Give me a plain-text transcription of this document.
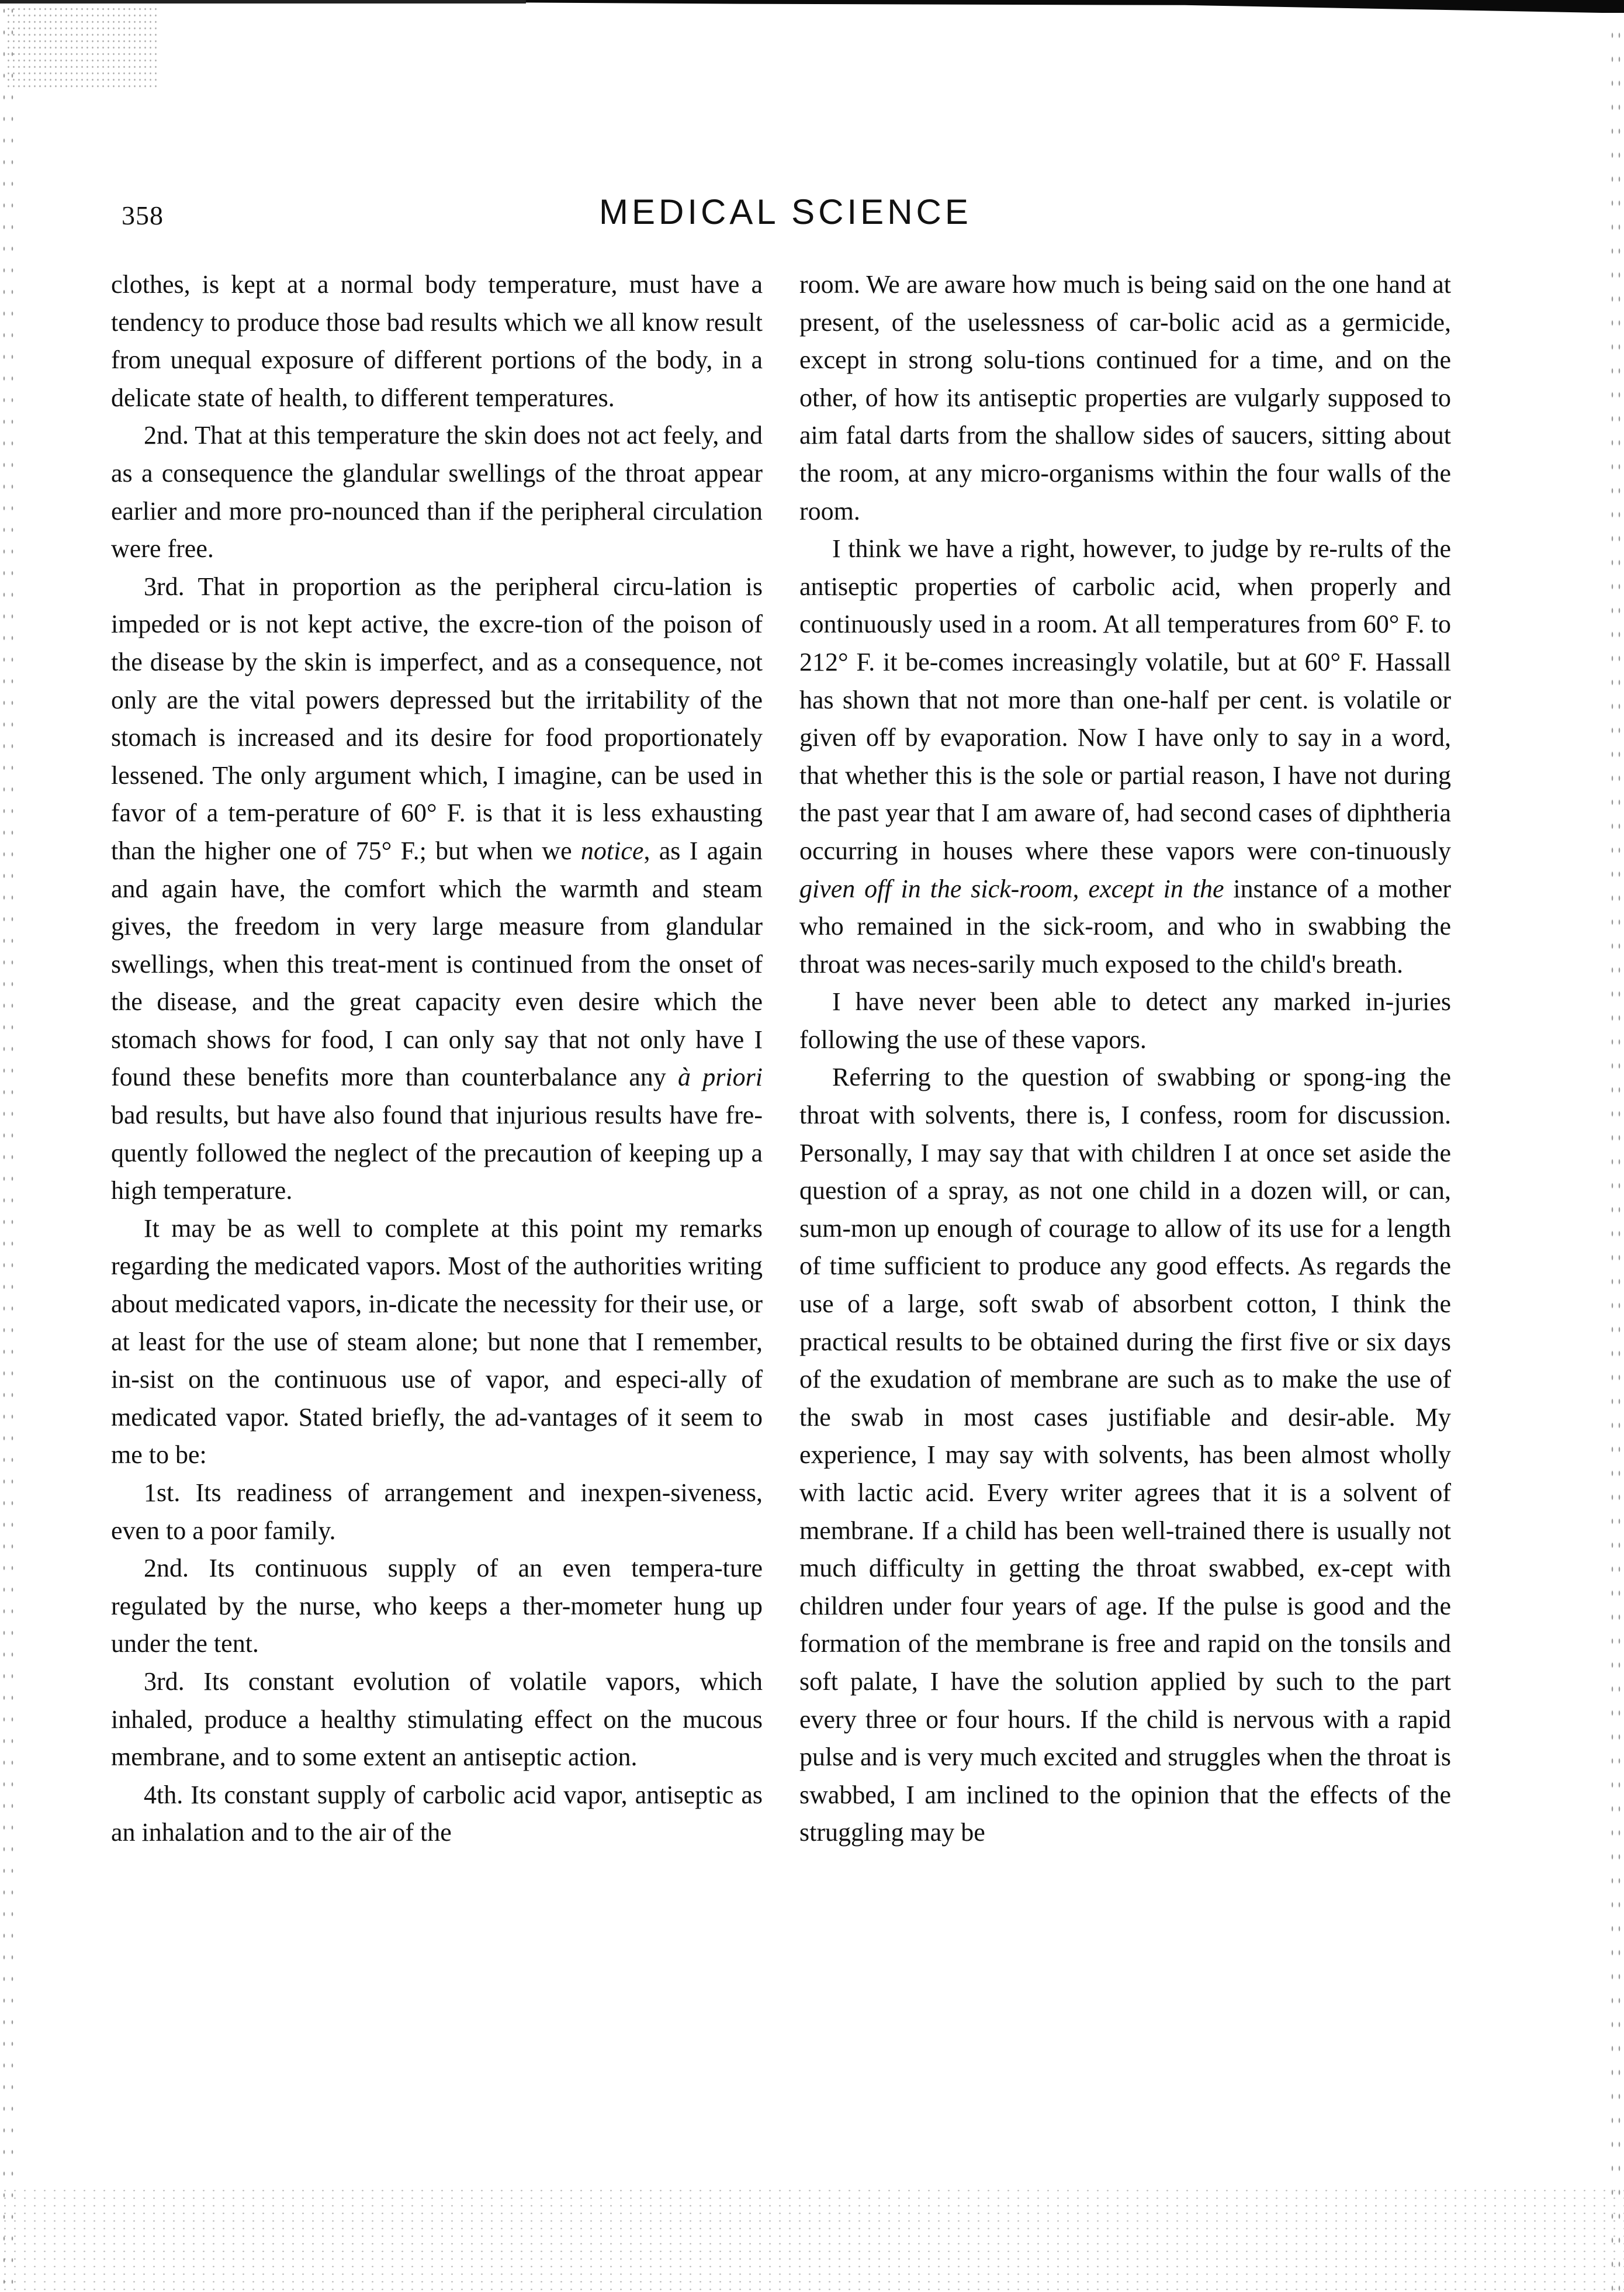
358	MEDICAL SCIENCE

clothes, is kept at a normal body temperature, must have a tendency to produce those bad results which we all know result from unequal exposure of different portions of the body, in a delicate state of health, to different temperatures.

2nd. That at this temperature the skin does not act feely, and as a consequence the glandular swellings of the throat appear earlier and more pro-nounced than if the peripheral circulation were free.

3rd. That in proportion as the peripheral circu-lation is impeded or is not kept active, the excre-tion of the poison of the disease by the skin is imperfect, and as a consequence, not only are the vital powers depressed but the irritability of the stomach is increased and its desire for food proportionately lessened. The only argument which, I imagine, can be used in favor of a tem-perature of 60° F. is that it is less exhausting than the higher one of 75° F.; but when we notice, as I again and again have, the comfort which the warmth and steam gives, the freedom in very large measure from glandular swellings, when this treat-ment is continued from the onset of the disease, and the great capacity even desire which the stomach shows for food, I can only say that not only have I found these benefits more than counterbalance any à priori bad results, but have also found that injurious results have fre-quently followed the neglect of the precaution of keeping up a high temperature.

It may be as well to complete at this point my remarks regarding the medicated vapors. Most of the authorities writing about medicated vapors, in-dicate the necessity for their use, or at least for the use of steam alone; but none that I remember, in-sist on the continuous use of vapor, and especi-ally of medicated vapor. Stated briefly, the ad-vantages of it seem to me to be:

1st. Its readiness of arrangement and inexpen-siveness, even to a poor family.

2nd. Its continuous supply of an even tempera-ture regulated by the nurse, who keeps a ther-mometer hung up under the tent.

3rd. Its constant evolution of volatile vapors, which inhaled, produce a healthy stimulating effect on the mucous membrane, and to some extent an antiseptic action.

4th. Its constant supply of carbolic acid vapor, antiseptic as an inhalation and to the air of the

room. We are aware how much is being said on the one hand at present, of the uselessness of car-bolic acid as a germicide, except in strong solu-tions continued for a time, and on the other, of how its antiseptic properties are vulgarly supposed to aim fatal darts from the shallow sides of saucers, sitting about the room, at any micro-organisms within the four walls of the room.

I think we have a right, however, to judge by re-rults of the antiseptic properties of carbolic acid, when properly and continuously used in a room. At all temperatures from 60° F. to 212° F. it be-comes increasingly volatile, but at 60° F. Hassall has shown that not more than one-half per cent. is volatile or given off by evaporation. Now I have only to say in a word, that whether this is the sole or partial reason, I have not during the past year that I am aware of, had second cases of diphtheria occurring in houses where these vapors were con-tinuously given off in the sick-room, except in the instance of a mother who remained in the sick-room, and who in swabbing the throat was neces-sarily much exposed to the child's breath.

I have never been able to detect any marked in-juries following the use of these vapors.

Referring to the question of swabbing or spong-ing the throat with solvents, there is, I confess, room for discussion. Personally, I may say that with children I at once set aside the question of a spray, as not one child in a dozen will, or can, sum-mon up enough of courage to allow of its use for a length of time sufficient to produce any good effects. As regards the use of a large, soft swab of absorbent cotton, I think the practical results to be obtained during the first five or six days of the exudation of membrane are such as to make the use of the swab in most cases justifiable and desir-able. My experience, I may say with solvents, has been almost wholly with lactic acid. Every writer agrees that it is a solvent of membrane. If a child has been well-trained there is usually not much difficulty in getting the throat swabbed, ex-cept with children under four years of age. If the pulse is good and the formation of the membrane is free and rapid on the tonsils and soft palate, I have the solution applied by such to the part every three or four hours. If the child is nervous with a rapid pulse and is very much excited and struggles when the throat is swabbed, I am inclined to the opinion that the effects of the struggling may be
